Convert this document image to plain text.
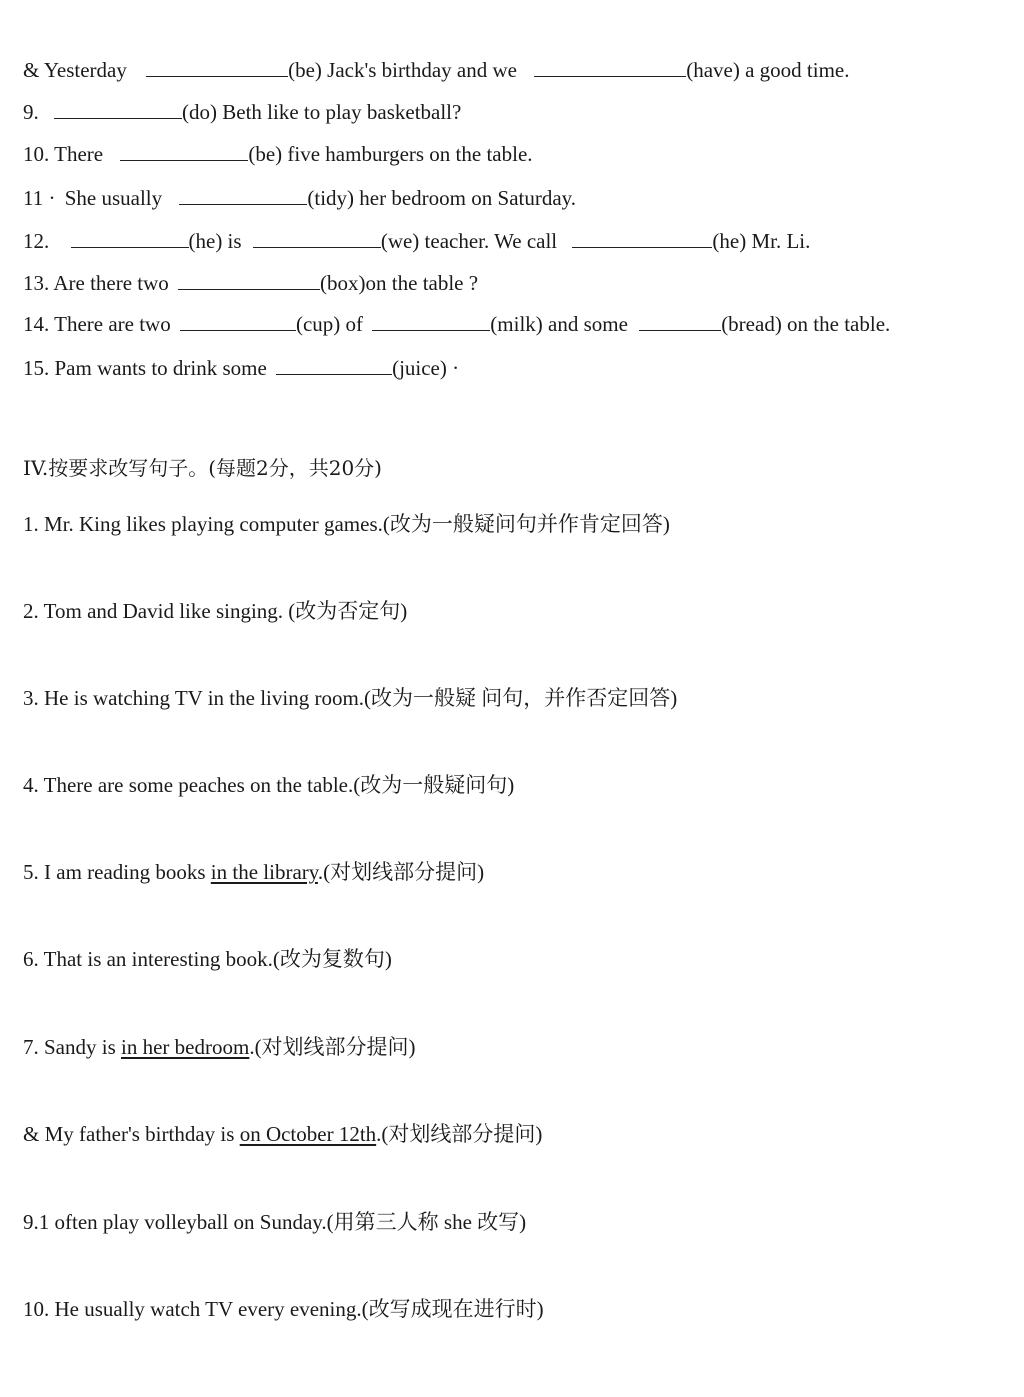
& Yesterday	(be) Jack's birthday and we	(have) a good time.
9.	(do) Beth like to play basketball?
10. There	(be) five hamburgers on the table.
11 · She usually	(tidy) her bedroom on Saturday.
12.	(he) is	(we) teacher. We call	(he) Mr. Li.
13. Are there two	(box)on the table ?
14. There are two	(cup) of	(milk) and some	(bread) on the table.
15. Pam wants to drink some	(juice) ·
IV.按要求改写句子。(每题2分，共20分)
1. Mr. King likes playing computer games.(改为一般疑问句并作肯定回答)
2. Tom and David like singing. (改为否定句)
3. He is watching TV in the living room.(改为一般疑 问句，并作否定回答)
4. There are some peaches on the table.(改为一般疑问句)
5. I am reading books in the library.(对划线部分提问)
6. That is an interesting book.(改为复数句)
7. Sandy is in her bedroom.(对划线部分提问)
& My father's birthday is on October 12th.(对划线部分提问)
9.1 often play volleyball on Sunday.(用第三人称 she 改写)
10. He usually watch TV every evening.(改写成现在进行时)
